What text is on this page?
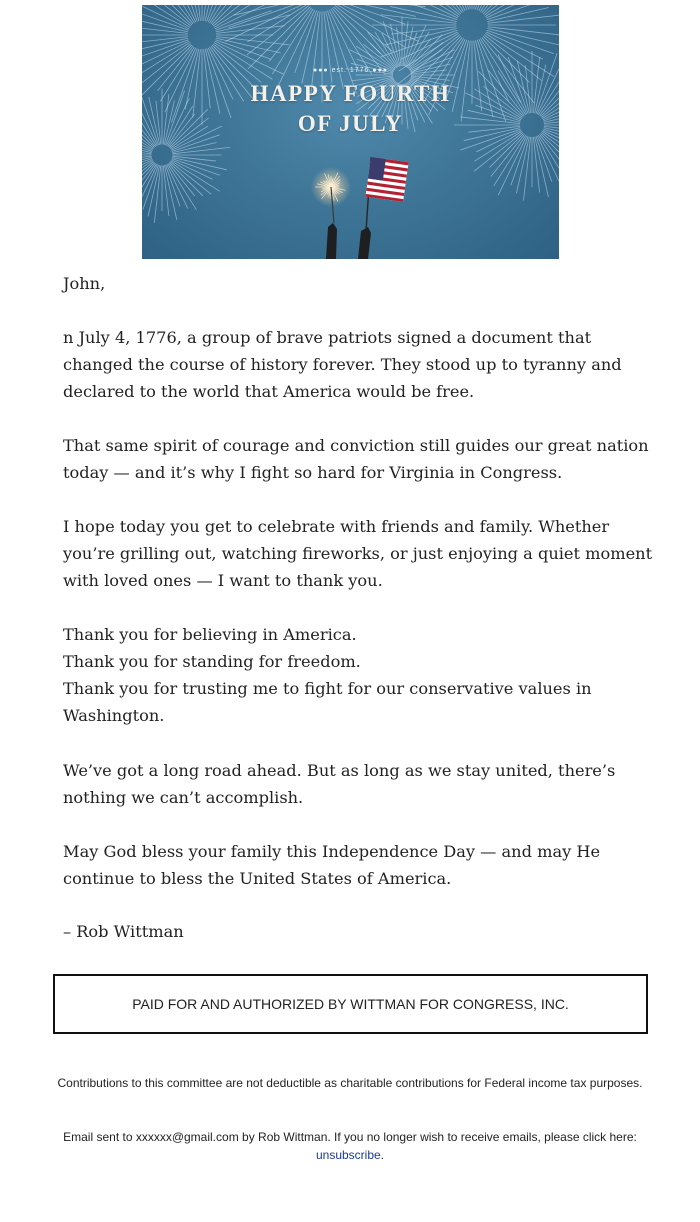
●●● est. 1776 ●●●
HAPPY FOURTH
OF JULY

John,

n July 4, 1776, a group of brave patriots signed a document that changed the course of history forever. They stood up to tyranny and declared to the world that America would be free.

That same spirit of courage and conviction still guides our great nation today — and it’s why I fight so hard for Virginia in Congress.

I hope today you get to celebrate with friends and family. Whether you’re grilling out, watching fireworks, or just enjoying a quiet moment with loved ones — I want to thank you.

Thank you for believing in America.
Thank you for standing for freedom.
Thank you for trusting me to fight for our conservative values in Washington.

We’ve got a long road ahead. But as long as we stay united, there’s nothing we can’t accomplish.

May God bless your family this Independence Day — and may He continue to bless the United States of America.

– Rob Wittman

PAID FOR AND AUTHORIZED BY WITTMAN FOR CONGRESS, INC.
Contributions to this committee are not deductible as charitable contributions for Federal income tax purposes.
Email sent to xxxxxx@gmail.com by Rob Wittman. If you no longer wish to receive emails, please click here:
unsubscribe.
